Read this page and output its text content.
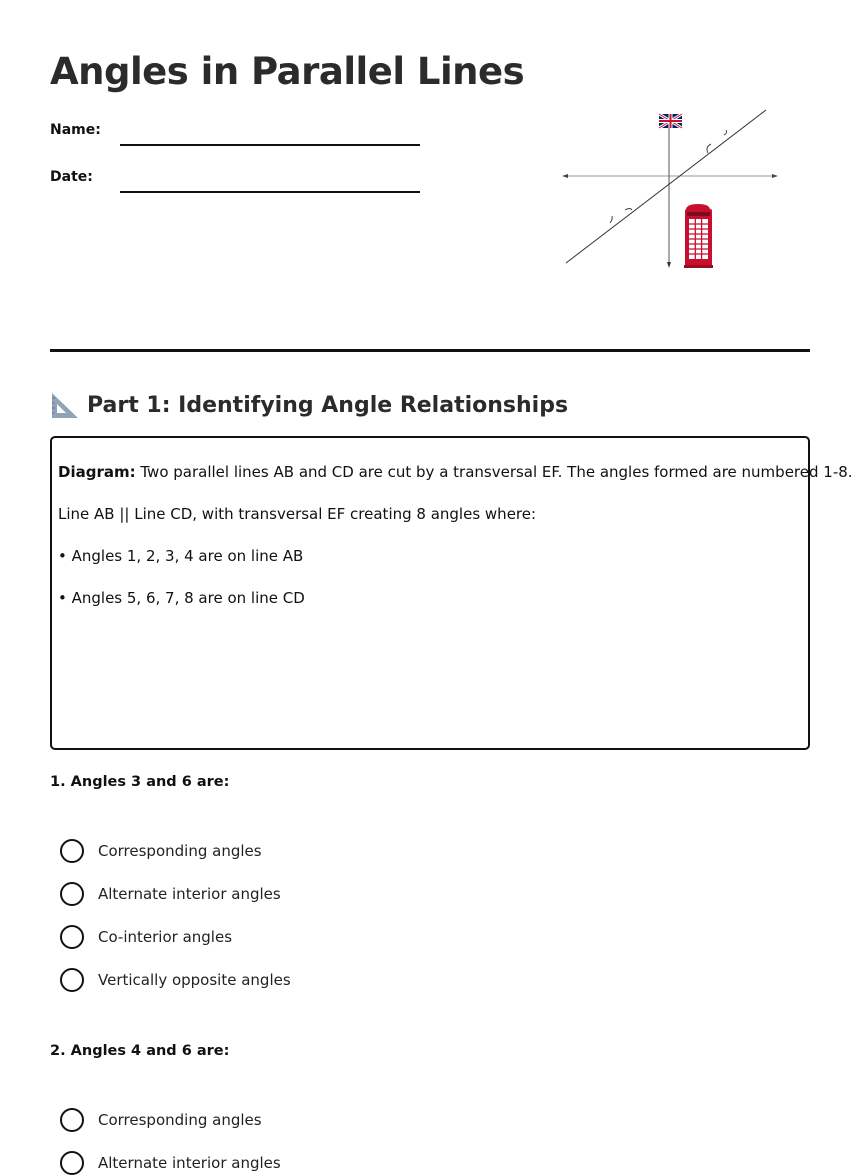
Angles in Parallel Lines
Name:
Date:
Part 1: Identifying Angle Relationships

Diagram: Two parallel lines AB and CD are cut by a transversal EF. The angles formed are numbered 1-8.

Line AB || Line CD, with transversal EF creating 8 angles where:

• Angles 1, 2, 3, 4 are on line AB

• Angles 5, 6, 7, 8 are on line CD

1. Angles 3 and 6 are:

Corresponding angles
Alternate interior angles
Co-interior angles
Vertically opposite angles

2. Angles 4 and 6 are:

Corresponding angles
Alternate interior angles
